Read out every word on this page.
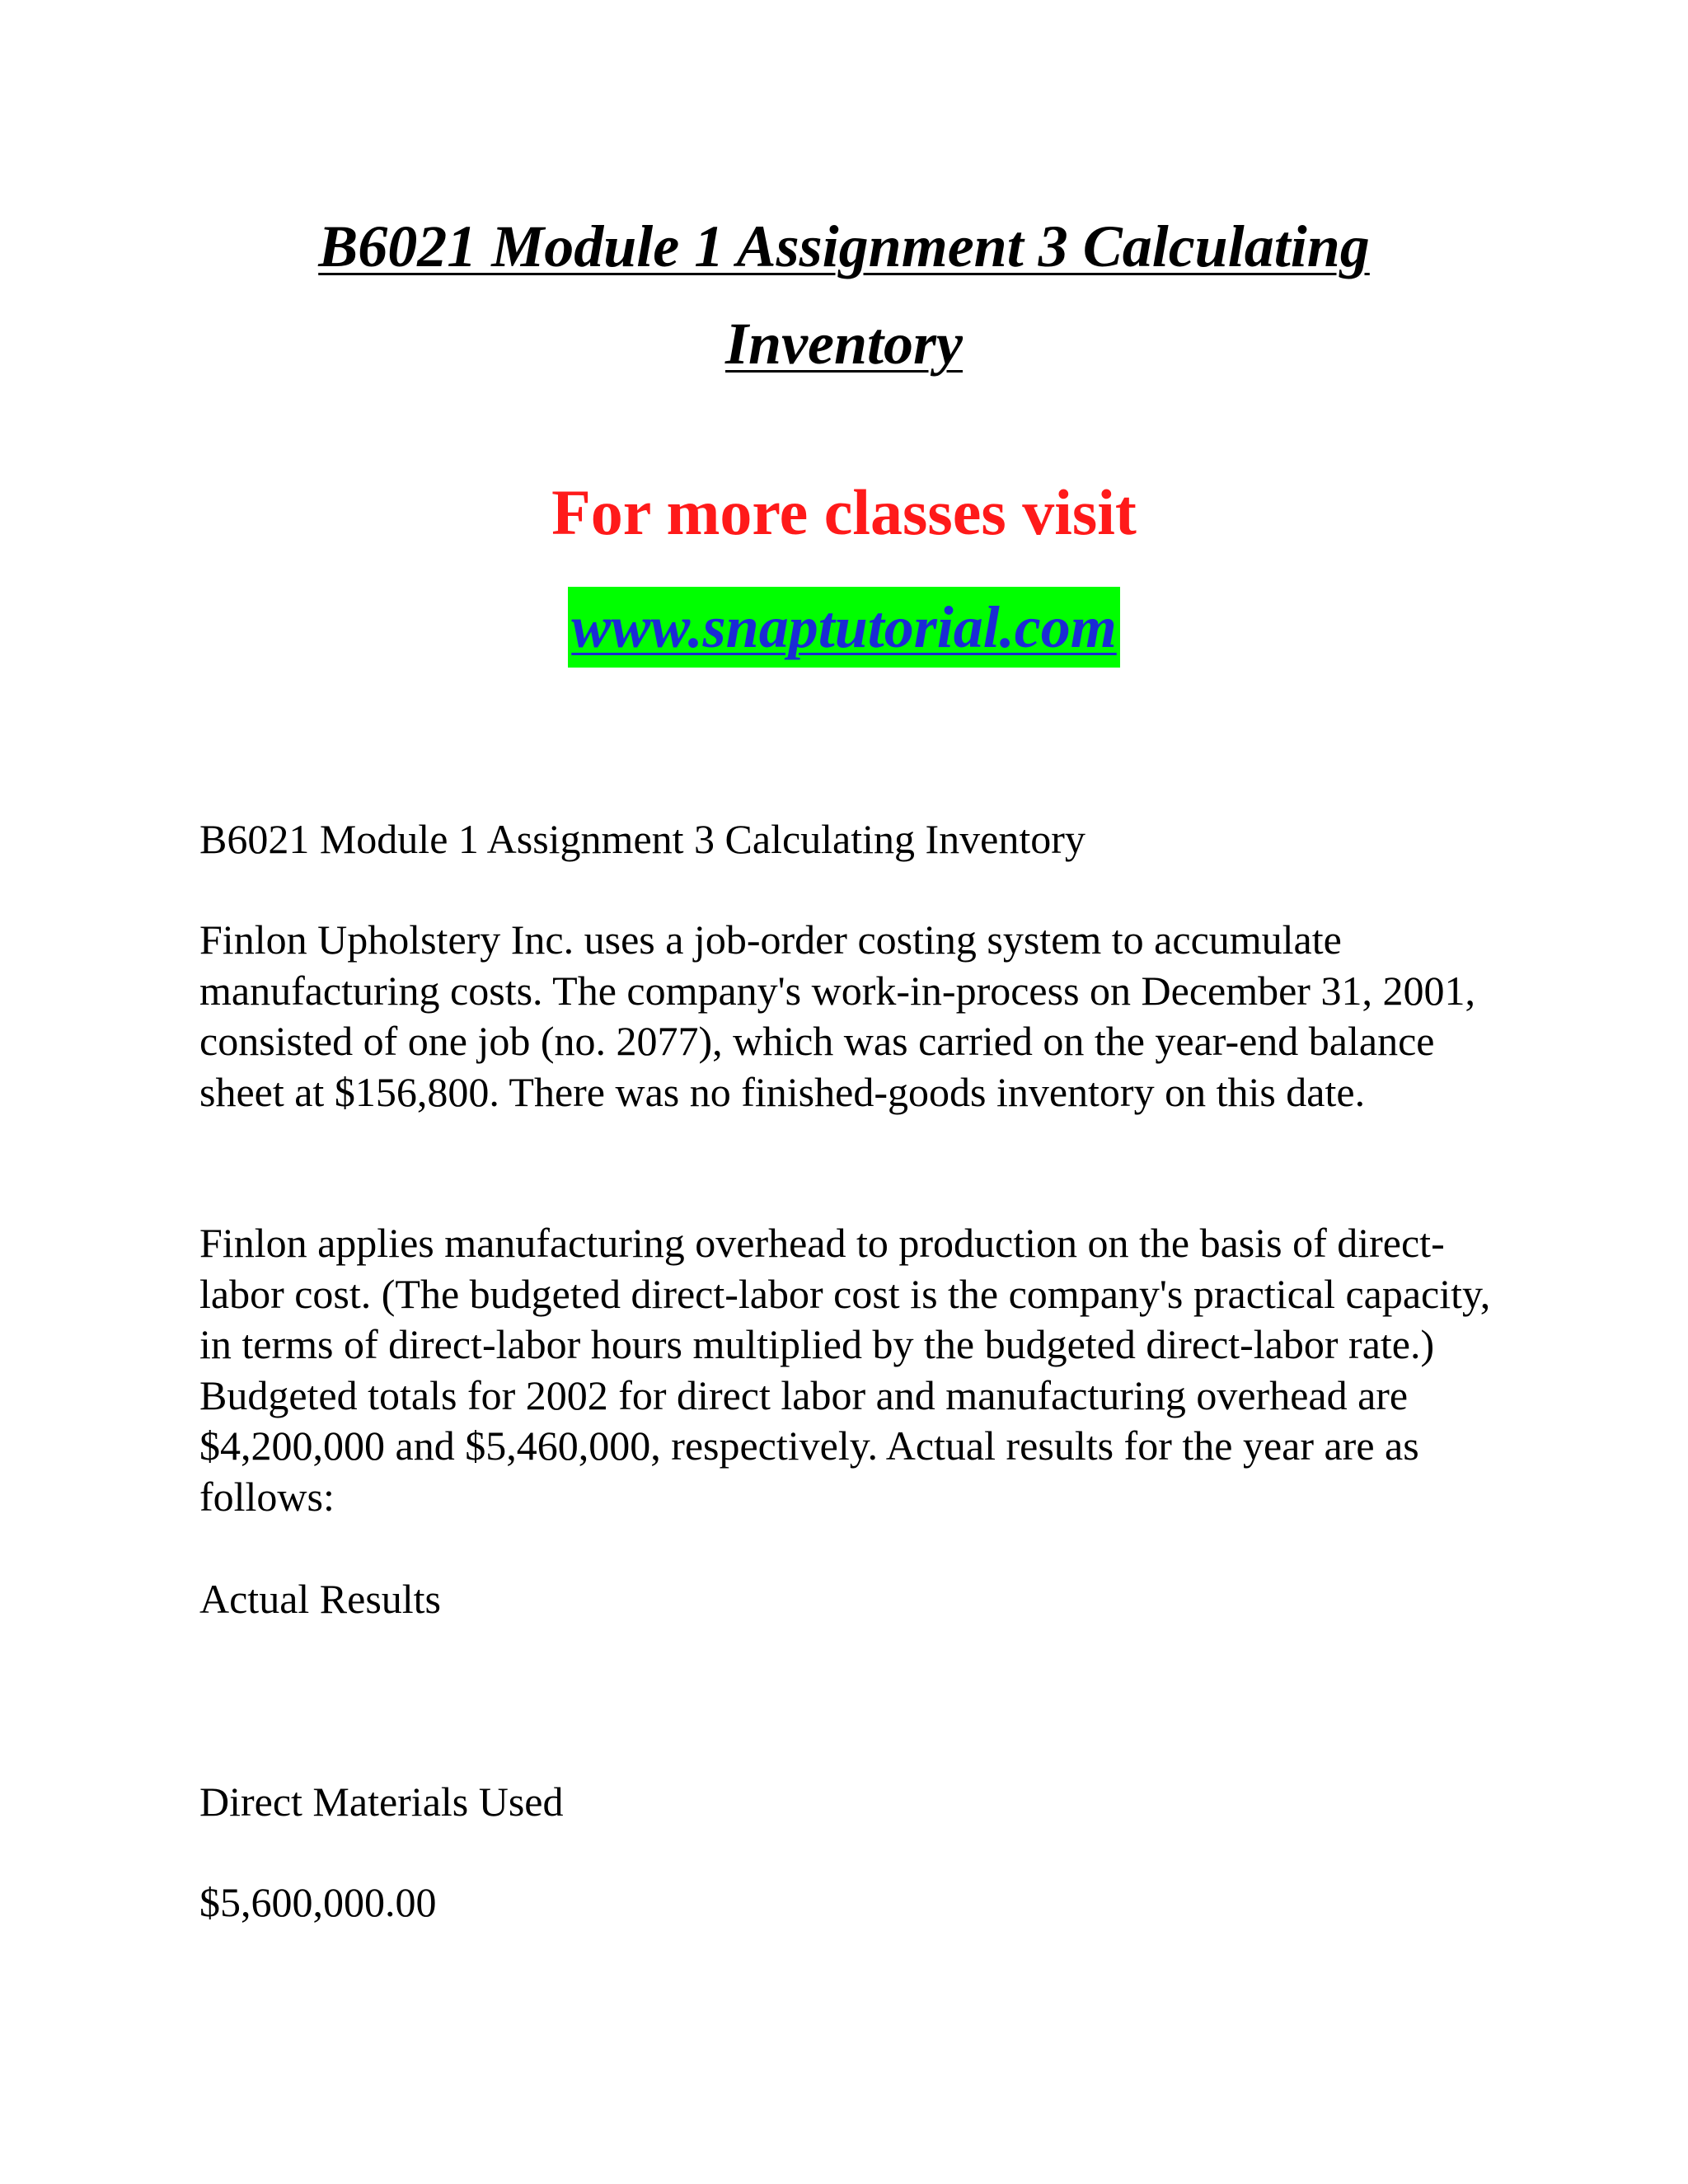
B6021 Module 1 Assignment 3 Calculating
Inventory

For more classes visit

www.snaptutorial.com

B6021 Module 1 Assignment 3 Calculating Inventory

Finlon Upholstery Inc. uses a job-order costing system to accumulate manufacturing costs. The company's work-in-process on December 31, 2001, consisted of one job (no. 2077), which was carried on the year-end balance sheet at $156,800. There was no finished-goods inventory on this date.

Finlon applies manufacturing overhead to production on the basis of direct-labor cost. (The budgeted direct-labor cost is the company's practical capacity, in terms of direct-labor hours multiplied by the budgeted direct-labor rate.) Budgeted totals for 2002 for direct labor and manufacturing overhead are $4,200,000 and $5,460,000, respectively. Actual results for the year are as follows:

Actual Results

Direct Materials Used

$5,600,000.00
